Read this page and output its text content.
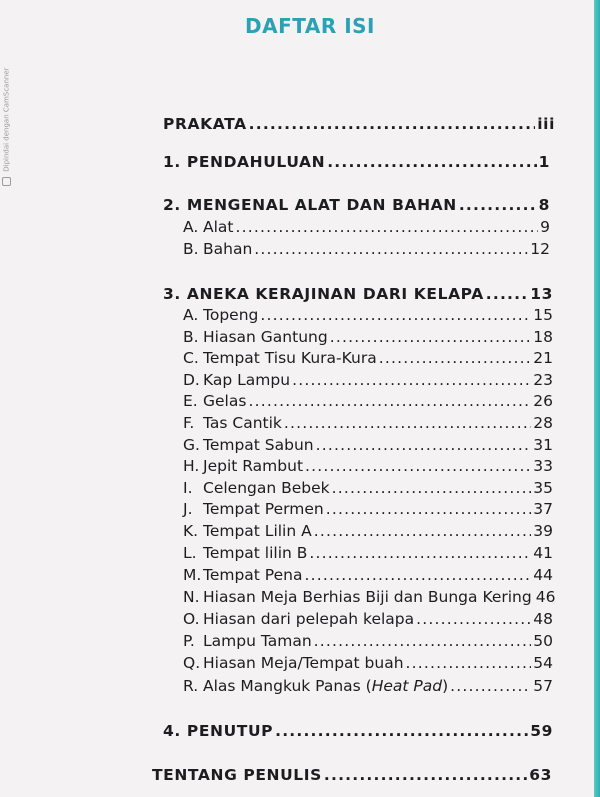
Dipindai dengan CamScanner
DAFTAR ISI
PRAKATA .....	iii
1. PENDAHULUAN .....	1
2. MENGENAL ALAT DAN BAHAN .....	8
A. Alat .....	9
B. Bahan .....	12
3. ANEKA KERAJINAN DARI KELAPA .....	13
A. Topeng .....	15
B. Hiasan Gantung .....	18
C. Tempat Tisu Kura-Kura .....	21
D. Kap Lampu .....	23
E. Gelas .....	26
F. Tas Cantik .....	28
G. Tempat Sabun .....	31
H. Jepit Rambut .....	33
I. Celengan Bebek .....	35
J. Tempat Permen .....	37
K. Tempat Lilin A .....	39
L. Tempat lilin B .....	41
M. Tempat Pena .....	44
N. Hiasan Meja Berhias Biji dan Bunga Kering 46
O. Hiasan dari pelepah kelapa .....	48
P. Lampu Taman .....	50
Q. Hiasan Meja/Tempat buah .....	54
R. Alas Mangkuk Panas (Heat Pad) .....	57
4. PENUTUP .....	59
TENTANG PENULIS .....	63
